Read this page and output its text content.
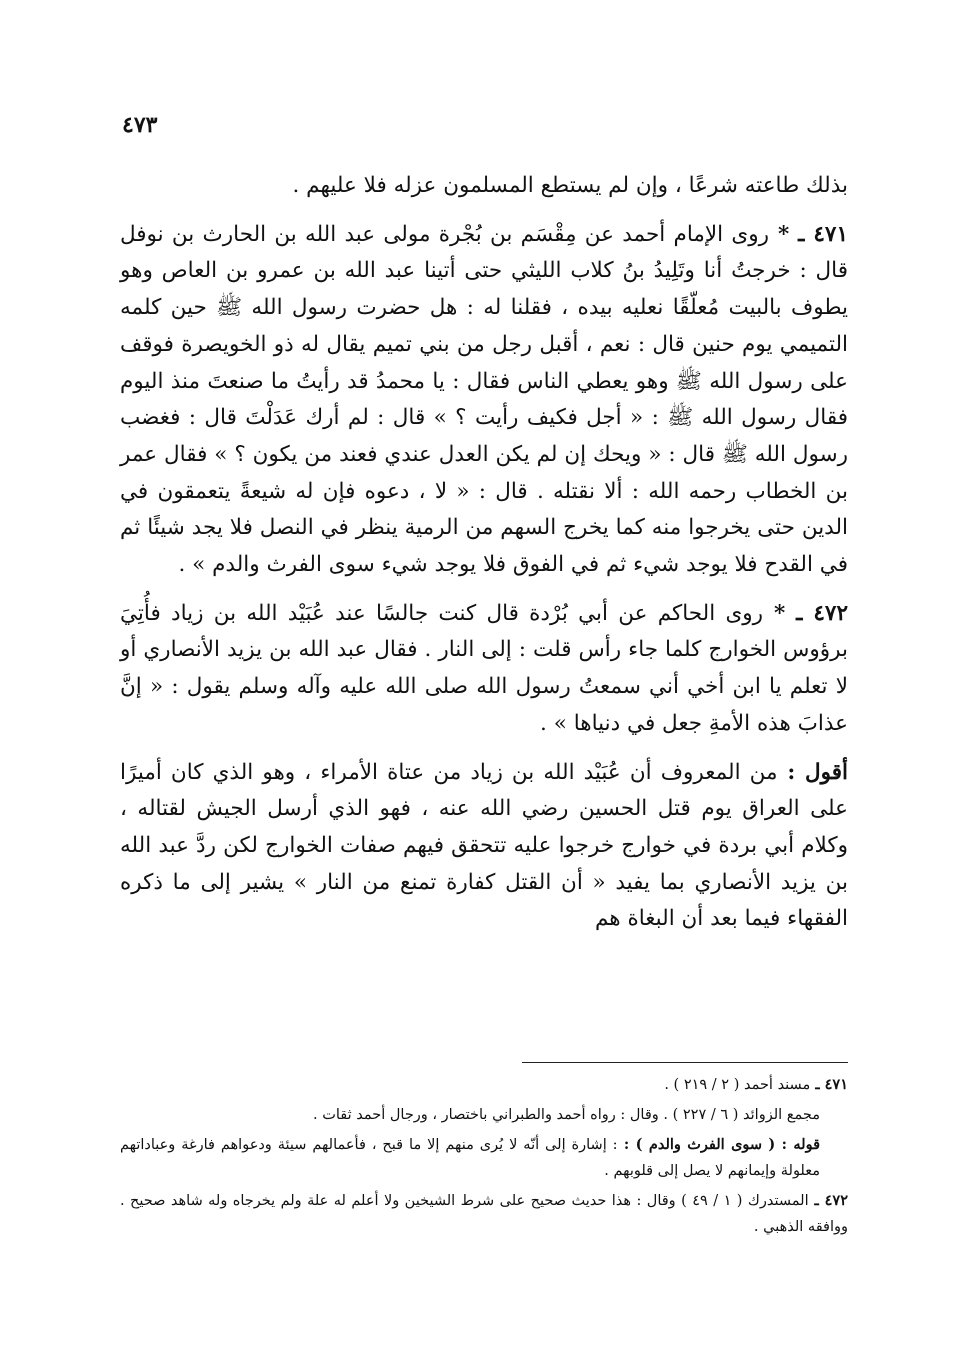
٤٧٣

بذلك طاعته شرعًا ، وإن لم يستطع المسلمون عزله فلا عليهم .

٤٧١ ـ * روى الإمام أحمد عن مِقْسَم بن بُجْرة مولى عبد الله بن الحارث بن نوفل قال : خرجتُ أنا وتَلِيدُ بنُ كلاب الليثي حتى أتينا عبد الله بن عمرو بن العاص وهو يطوف بالبيت مُعلّقًا نعليه بيده ، فقلنا له : هل حضرت رسول الله ﷺ حين كلمه التميمي يوم حنين قال : نعم ، أقبل رجل من بني تميم يقال له ذو الخويصرة فوقف على رسول الله ﷺ وهو يعطي الناس فقال : يا محمدُ قد رأيتُ ما صنعتَ منذ اليوم فقال رسول الله ﷺ : « أجل فكيف رأيت ؟ » قال : لم أرك عَدَلْتَ قال : فغضب رسول الله ﷺ قال : « ويحك إن لم يكن العدل عندي فعند من يكون ؟ » فقال عمر بن الخطاب رحمه الله : ألا نقتله . قال : « لا ، دعوه فإن له شيعةً يتعمقون في الدين حتى يخرجوا منه كما يخرج السهم من الرمية ينظر في النصل فلا يجد شيئًا ثم في القدح فلا يوجد شيء ثم في الفوق فلا يوجد شيء سوى الفرث والدم » .

٤٧٢ ـ * روى الحاكم عن أبي بُرْدة قال كنت جالسًا عند عُبَيْد الله بن زياد فأُتِيَ برؤوس الخوارج كلما جاء رأس قلت : إلى النار . فقال عبد الله بن يزيد الأنصاري أو لا تعلم يا ابن أخي أني سمعتُ رسول الله صلى الله عليه وآله وسلم يقول : « إنَّ عذابَ هذه الأمةِ جعل في دنياها » .

أقول : من المعروف أن عُبَيْد الله بن زياد من عتاة الأمراء ، وهو الذي كان أميرًا على العراق يوم قتل الحسين رضي الله عنه ، فهو الذي أرسل الجيش لقتاله ، وكلام أبي بردة في خوارج خرجوا عليه تتحقق فيهم صفات الخوارج لكن ردَّ عبد الله بن يزيد الأنصاري بما يفيد « أن القتل كفارة تمنع من النار » يشير إلى ما ذكره الفقهاء فيما بعد أن البغاة هم

٤٧١ ـ مسند أحمد ( ٢ / ٢١٩ ) .

مجمع الزوائد ( ٦ / ٢٢٧ ) . وقال : رواه أحمد والطبراني باختصار ، ورجال أحمد ثقات .

قوله : ( سوى الفرث والدم ) : : إشارة إلى أنّه لا يُرى منهم إلا ما قبح ، فأعمالهم سيئة ودعواهم فارغة وعباداتهم معلولة وإيمانهم لا يصل إلى قلوبهم .

٤٧٢ ـ المستدرك ( ١ / ٤٩ ) وقال : هذا حديث صحيح على شرط الشيخين ولا أعلم له علة ولم يخرجاه وله شاهد صحيح . ووافقه الذهبي .
